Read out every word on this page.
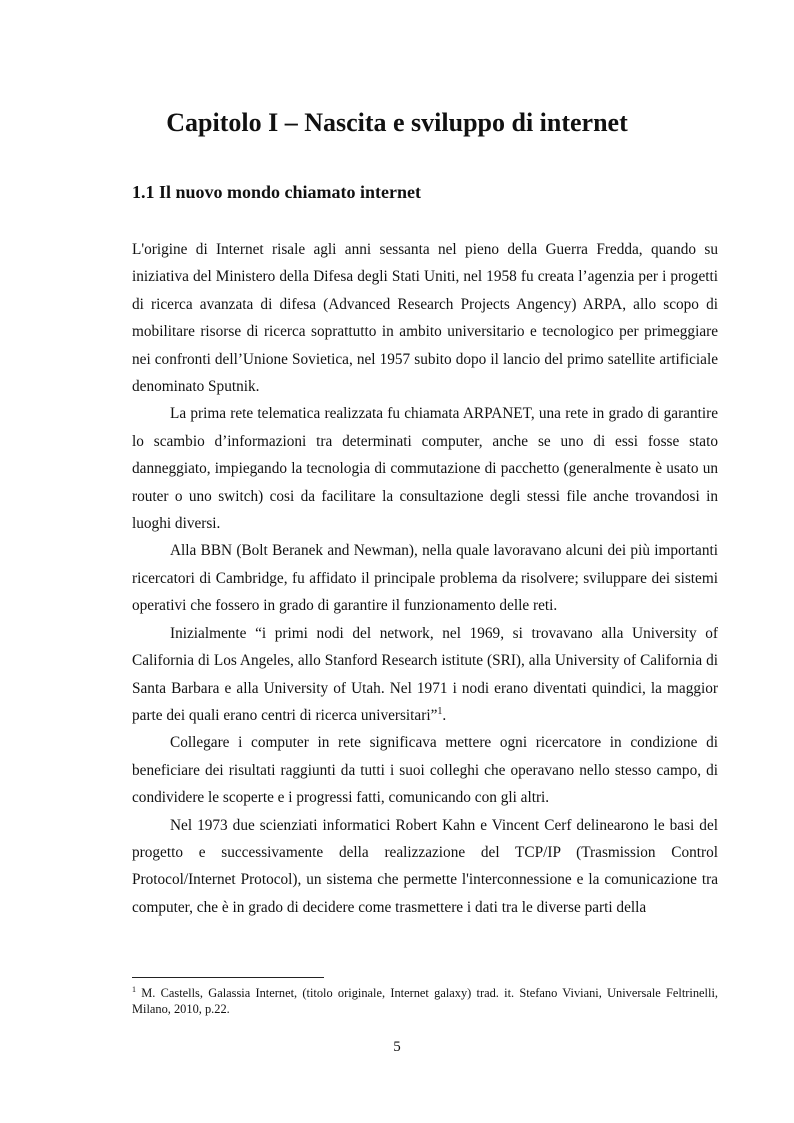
Capitolo I – Nascita e sviluppo di internet
1.1 Il nuovo mondo chiamato internet

L'origine di Internet risale agli anni sessanta nel pieno della Guerra Fredda, quando su iniziativa del Ministero della Difesa degli Stati Uniti, nel 1958 fu creata l’agenzia per i progetti di ricerca avanzata di difesa (Advanced Research Projects Angency) ARPA, allo scopo di mobilitare risorse di ricerca soprattutto in ambito universitario e tecnologico per primeggiare nei confronti dell’Unione Sovietica, nel 1957 subito dopo il lancio del primo satellite artificiale denominato Sputnik.

La prima rete telematica realizzata fu chiamata ARPANET, una rete in grado di garantire lo scambio d’informazioni tra determinati computer, anche se uno di essi fosse stato danneggiato, impiegando la tecnologia di commutazione di pacchetto (generalmente è usato un router o uno switch) cosi da facilitare la consultazione degli stessi file anche trovandosi in luoghi diversi.

Alla BBN (Bolt Beranek and Newman), nella quale lavoravano alcuni dei più importanti ricercatori di Cambridge, fu affidato il principale problema da risolvere; sviluppare dei sistemi operativi che fossero in grado di garantire il funzionamento delle reti.

Inizialmente “i primi nodi del network, nel 1969, si trovavano alla University of California di Los Angeles, allo Stanford Research istitute (SRI), alla University of California di Santa Barbara e alla University of Utah. Nel 1971 i nodi erano diventati quindici, la maggior parte dei quali erano centri di ricerca universitari”$^1$.

Collegare i computer in rete significava mettere ogni ricercatore in condizione di beneficiare dei risultati raggiunti da tutti i suoi colleghi che operavano nello stesso campo, di condividere le scoperte e i progressi fatti, comunicando con gli altri.

Nel 1973 due scienziati informatici Robert Kahn e Vincent Cerf delinearono le basi del progetto e successivamente della realizzazione del TCP/IP (Trasmission Control Protocol/Internet Protocol), un sistema che permette l'interconnessione e la comunicazione tra computer, che è in grado di decidere come trasmettere i dati tra le diverse parti della

$^1$ M. Castells, Galassia Internet, (titolo originale, Internet galaxy) trad. it. Stefano Viviani, Universale Feltrinelli, Milano, 2010, p.22.

5
